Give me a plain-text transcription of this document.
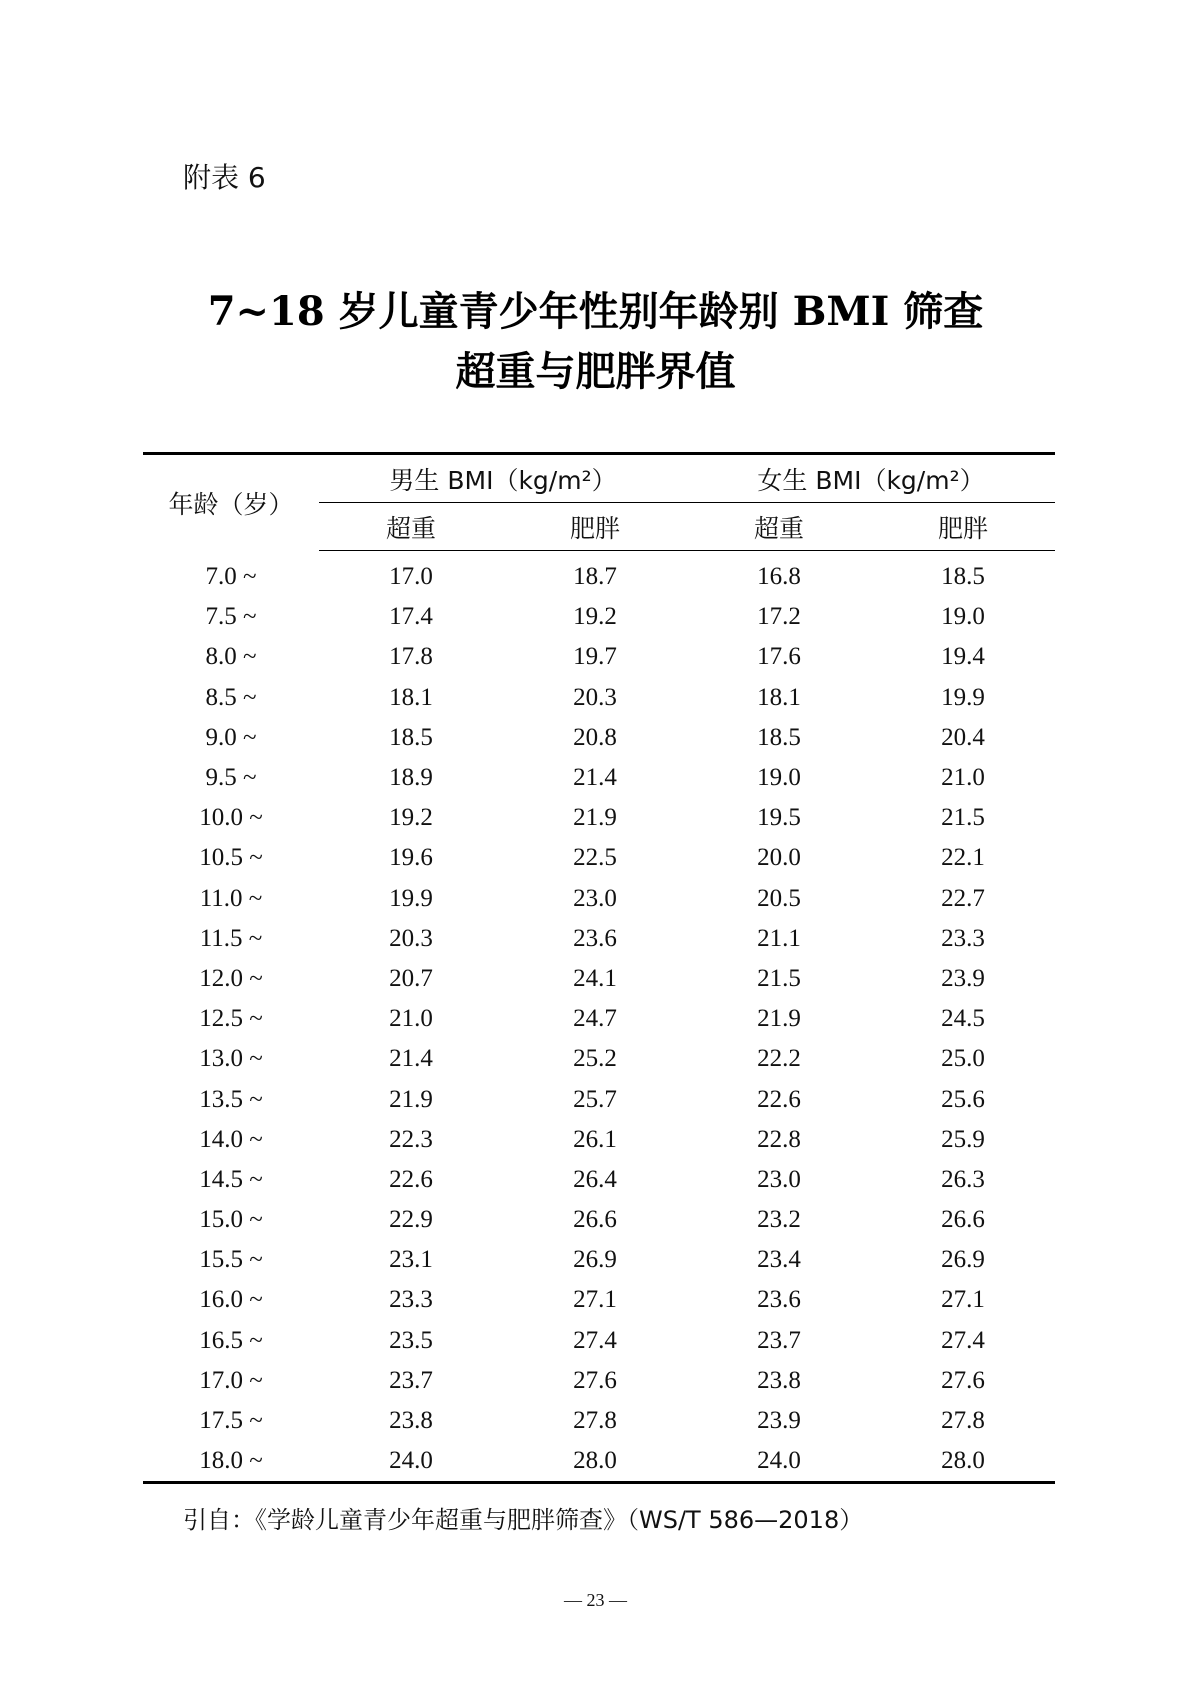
附表 6
7~18 岁儿童青少年性别年龄别 BMI 筛查
超重与肥胖界值
年龄（岁）	男生 BMI（kg/m²）		女生 BMI（kg/m²）	
	超重	肥胖	超重	肥胖
7.0 ~	17.0	18.7	16.8	18.5
7.5 ~	17.4	19.2	17.2	19.0
8.0 ~	17.8	19.7	17.6	19.4
8.5 ~	18.1	20.3	18.1	19.9
9.0 ~	18.5	20.8	18.5	20.4
9.5 ~	18.9	21.4	19.0	21.0
10.0 ~	19.2	21.9	19.5	21.5
10.5 ~	19.6	22.5	20.0	22.1
11.0 ~	19.9	23.0	20.5	22.7
11.5 ~	20.3	23.6	21.1	23.3
12.0 ~	20.7	24.1	21.5	23.9
12.5 ~	21.0	24.7	21.9	24.5
13.0 ~	21.4	25.2	22.2	25.0
13.5 ~	21.9	25.7	22.6	25.6
14.0 ~	22.3	26.1	22.8	25.9
14.5 ~	22.6	26.4	23.0	26.3
15.0 ~	22.9	26.6	23.2	26.6
15.5 ~	23.1	26.9	23.4	26.9
16.0 ~	23.3	27.1	23.6	27.1
16.5 ~	23.5	27.4	23.7	27.4
17.0 ~	23.7	27.6	23.8	27.6
17.5 ~	23.8	27.8	23.9	27.8
18.0 ~	24.0	28.0	24.0	28.0
引自：《学龄儿童青少年超重与肥胖筛查》（WS/T 586—2018）
— 23 —
